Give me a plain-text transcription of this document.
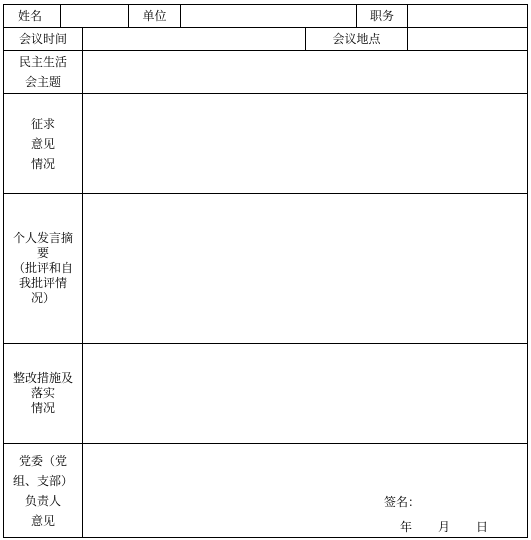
姓名			单位			职务	

会议时间					会议地点		

民主生活
会主题							

征求
意见
情况							

个人发言摘
要
（批评和自
我批评情
况）							

整改措施及
落实
情况							

党委（党
组、支部）
负责人
意见		签名：
年 月 日					
